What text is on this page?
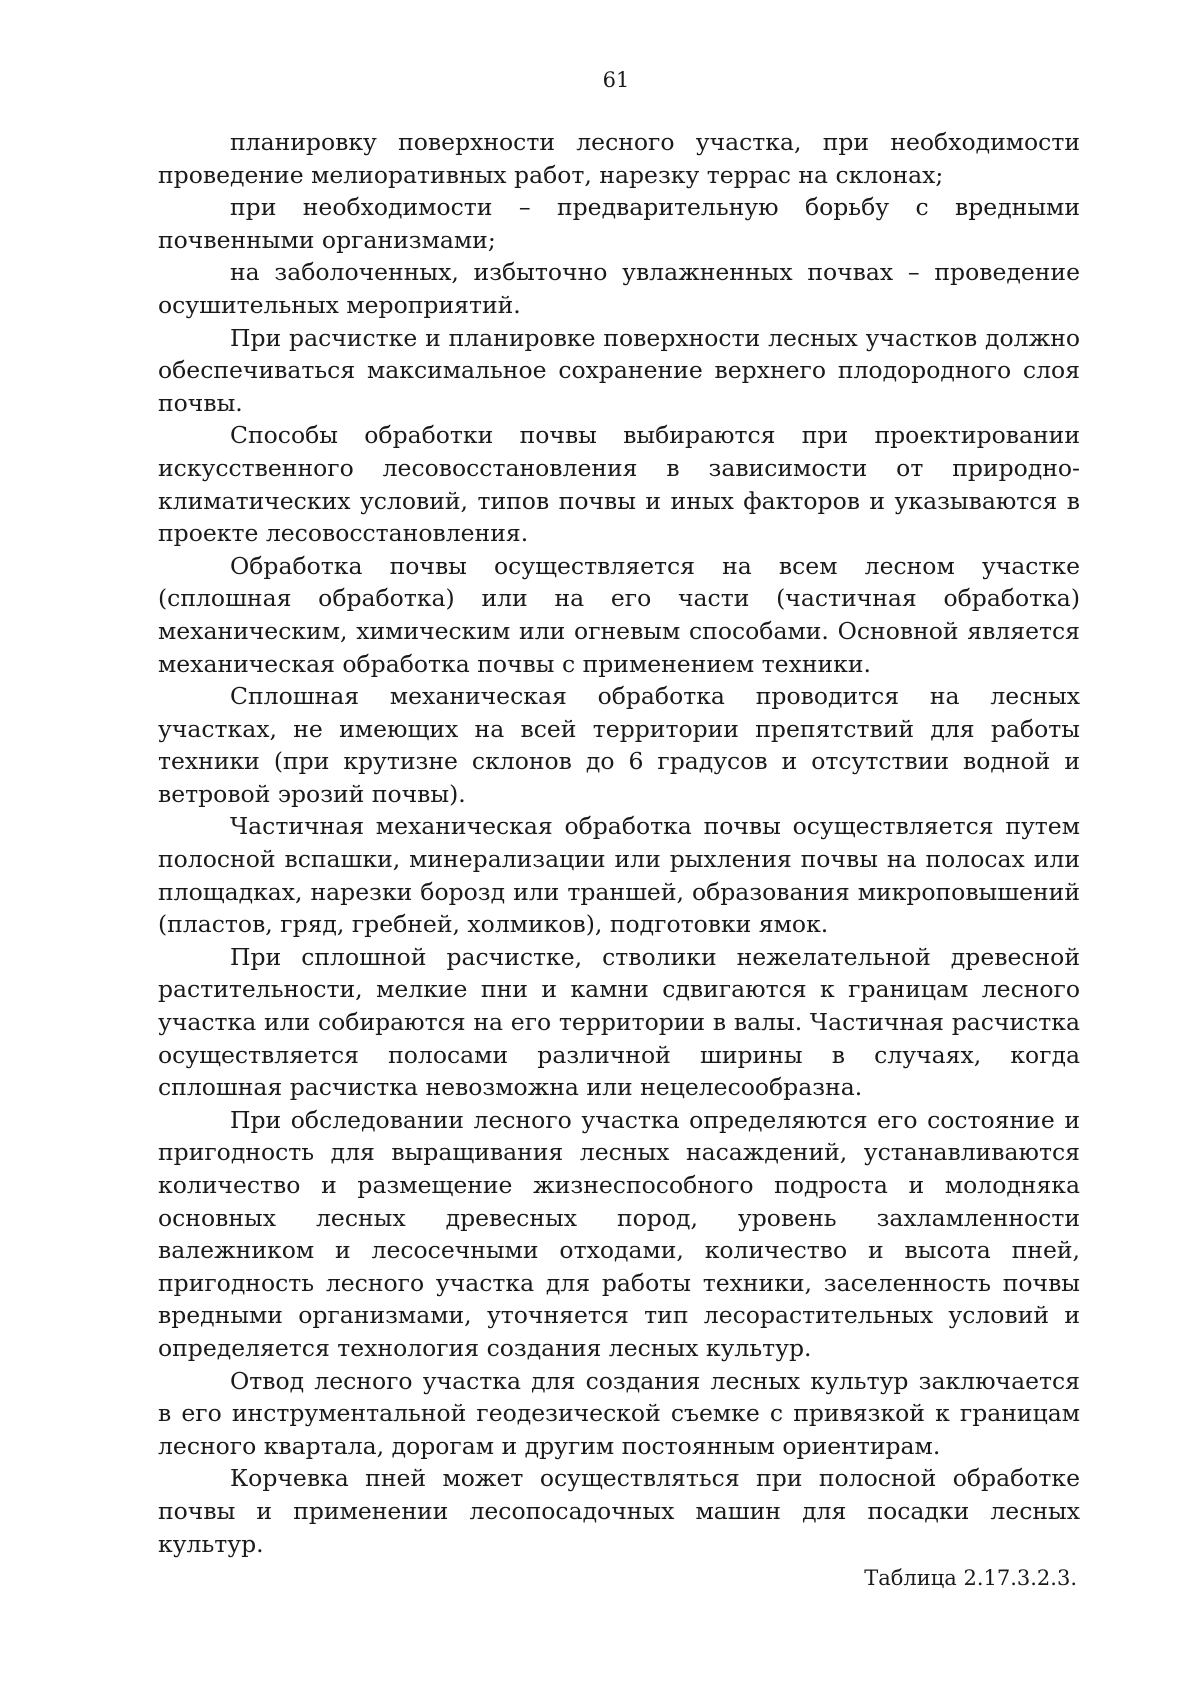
61

планировку поверхности лесного участка, при необходимости проведение мелиоративных работ, нарезку террас на склонах;

при необходимости – предварительную борьбу с вредными почвенными организмами;

на заболоченных, избыточно увлажненных почвах – проведение осушительных мероприятий.

При расчистке и планировке поверхности лесных участков должно обеспечиваться максимальное сохранение верхнего плодородного слоя почвы.

Способы обработки почвы выбираются при проектировании искусственного лесовосстановления в зависимости от природно-климатических условий, типов почвы и иных факторов и указываются в проекте лесовосстановления.

Обработка почвы осуществляется на всем лесном участке (сплошная обработка) или на его части (частичная обработка) механическим, химическим или огневым способами. Основной является механическая обработка почвы с применением техники.

Сплошная механическая обработка проводится на лесных участках, не имеющих на всей территории препятствий для работы техники (при крутизне склонов до 6 градусов и отсутствии водной и ветровой эрозий почвы).

Частичная механическая обработка почвы осуществляется путем полосной вспашки, минерализации или рыхления почвы на полосах или площадках, нарезки борозд или траншей, образования микроповышений (пластов, гряд, гребней, холмиков), подготовки ямок.

При сплошной расчистке, стволики нежелательной древесной растительности, мелкие пни и камни сдвигаются к границам лесного участка или собираются на его территории в валы. Частичная расчистка осуществляется полосами различной ширины в случаях, когда сплошная расчистка невозможна или нецелесообразна.

При обследовании лесного участка определяются его состояние и пригодность для выращивания лесных насаждений, устанавливаются количество и размещение жизнеспособного подроста и молодняка основных лесных древесных пород, уровень захламленности валежником и лесосечными отходами, количество и высота пней, пригодность лесного участка для работы техники, заселенность почвы вредными организмами, уточняется тип лесорастительных условий и определяется технология создания лесных культур.

Отвод лесного участка для создания лесных культур заключается в его инструментальной геодезической съемке с привязкой к границам лесного квартала, дорогам и другим постоянным ориентирам.

Корчевка пней может осуществляться при полосной обработке почвы и применении лесопосадочных машин для посадки лесных культур.

Таблица 2.17.3.2.3.
